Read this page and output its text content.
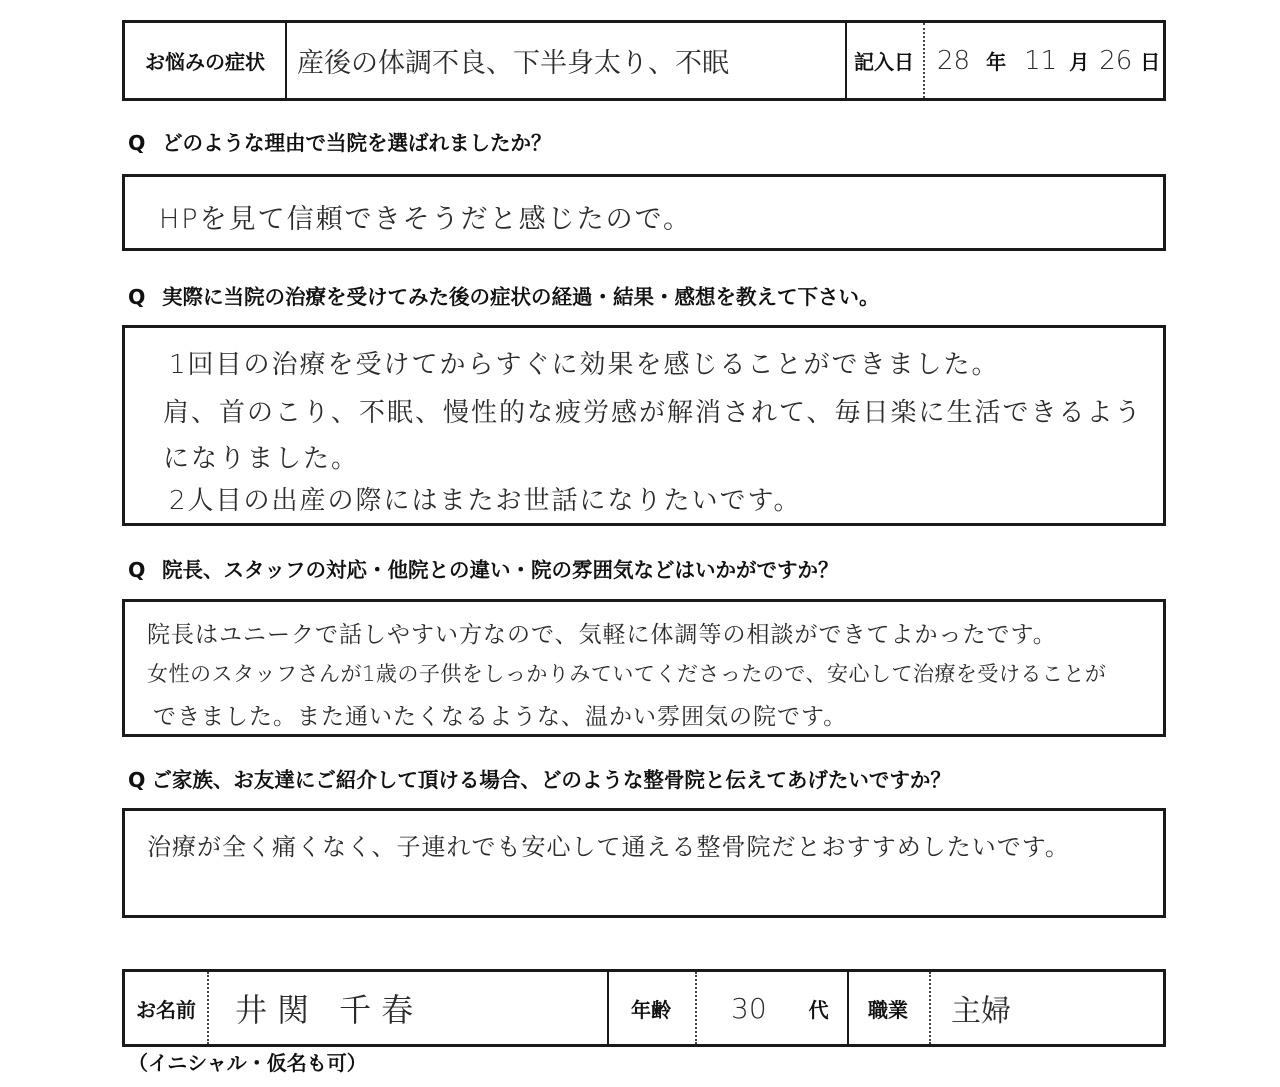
お悩みの症状 産後の体調不良、下半身太り、不眠	記入日 28 年 11 月 26 日
Q どのような理由で当院を選ばれましたか？
HPを見て信頼できそうだと感じたので。
Q 実際に当院の治療を受けてみた後の症状の経過・結果・感想を教えて下さい。
1回目の治療を受けてからすぐに効果を感じることができました。
肩、首のこり、不眠、慢性的な疲労感が解消されて、毎日楽に生活できるよう
になりました。
2人目の出産の際にはまたお世話になりたいです。
Q 院長、スタッフの対応・他院との違い・院の雰囲気などはいかがですか？
院長はユニークで話しやすい方なので、気軽に体調等の相談ができてよかったです。
女性のスタッフさんが1歳の子供をしっかりみていてくださったので、安心して治療を受けることが
できました。また通いたくなるような、温かい雰囲気の院です。
Q ご家族、お友達にご紹介して頂ける場合、どのような整骨院と伝えてあげたいですか？
治療が全く痛くなく、子連れでも安心して通える整骨院だとおすすめしたいです。
お名前 井関 千春	年齢 30 代 職業 主婦
（イニシャル・仮名も可）
